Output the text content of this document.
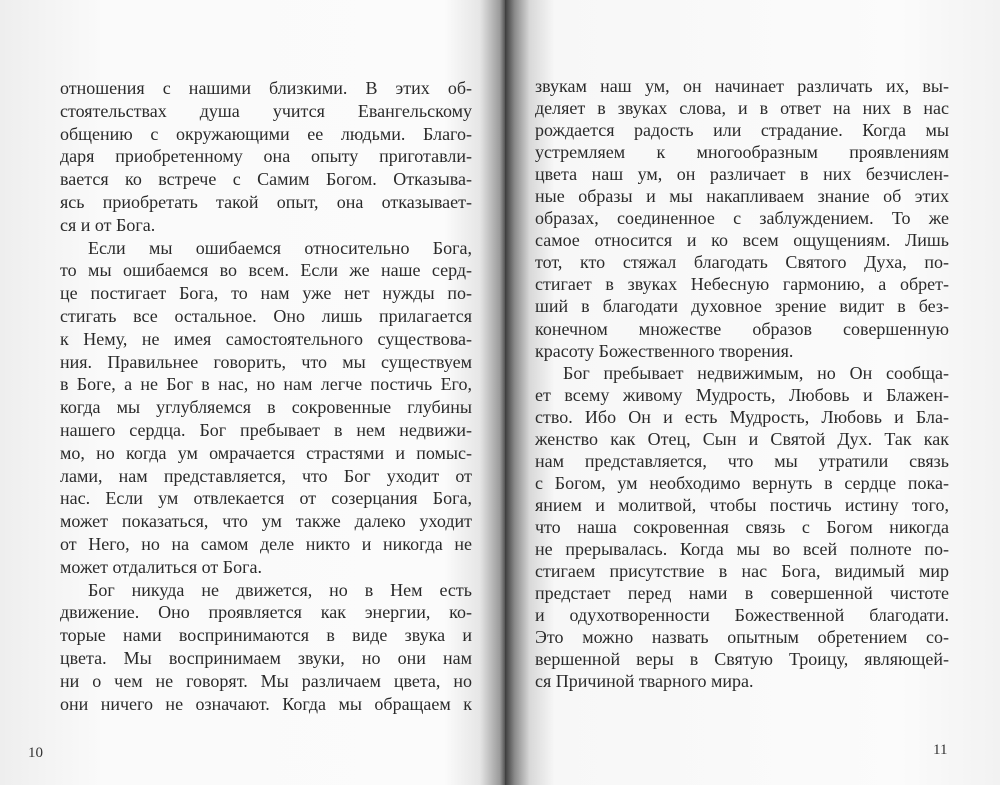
отношения с нашими близкими. В этих об-
стоятельствах душа учится Евангельскому
общению с окружающими ее людьми. Благо-
даря приобретенному она опыту приготавли-
вается ко встрече с Самим Богом. Отказыва-
ясь приобретать такой опыт, она отказывает-
ся и от Бога.
Если мы ошибаемся относительно Бога,
то мы ошибаемся во всем. Если же наше серд-
це постигает Бога, то нам уже нет нужды по-
стигать все остальное. Оно лишь прилагается
к Нему, не имея самостоятельного существова-
ния. Правильнее говорить, что мы существуем
в Боге, а не Бог в нас, но нам легче постичь Его,
когда мы углубляемся в сокровенные глубины
нашего сердца. Бог пребывает в нем недвижи-
мо, но когда ум омрачается страстями и помыс-
лами, нам представляется, что Бог уходит от
нас. Если ум отвлекается от созерцания Бога,
может показаться, что ум также далеко уходит
от Него, но на самом деле никто и никогда не
может отдалиться от Бога.
Бог никуда не движется, но в Нем есть
движение. Оно проявляется как энергии, ко-
торые нами воспринимаются в виде звука и
цвета. Мы воспринимаем звуки, но они нам
ни о чем не говорят. Мы различаем цвета, но
они ничего не означают. Когда мы обращаем к
10
звукам наш ум, он начинает различать их, вы-
деляет в звуках слова, и в ответ на них в нас
рождается радость или страдание. Когда мы
устремляем к многообразным проявлениям
цвета наш ум, он различает в них безчислен-
ные образы и мы накапливаем знание об этих
образах, соединенное с заблуждением. То же
самое относится и ко всем ощущениям. Лишь
тот, кто стяжал благодать Святого Духа, по-
стигает в звуках Небесную гармонию, а обрет-
ший в благодати духовное зрение видит в без-
конечном множестве образов совершенную
красоту Божественного творения.
Бог пребывает недвижимым, но Он сообща-
ет всему живому Мудрость, Любовь и Блажен-
ство. Ибо Он и есть Мудрость, Любовь и Бла-
женство как Отец, Сын и Святой Дух. Так как
нам представляется, что мы утратили связь
с Богом, ум необходимо вернуть в сердце пока-
янием и молитвой, чтобы постичь истину того,
что наша сокровенная связь с Богом никогда
не прерывалась. Когда мы во всей полноте по-
стигаем присутствие в нас Бога, видимый мир
предстает перед нами в совершенной чистоте
и одухотворенности Божественной благодати.
Это можно назвать опытным обретением со-
вершенной веры в Святую Троицу, являющей-
ся Причиной тварного мира.
11
